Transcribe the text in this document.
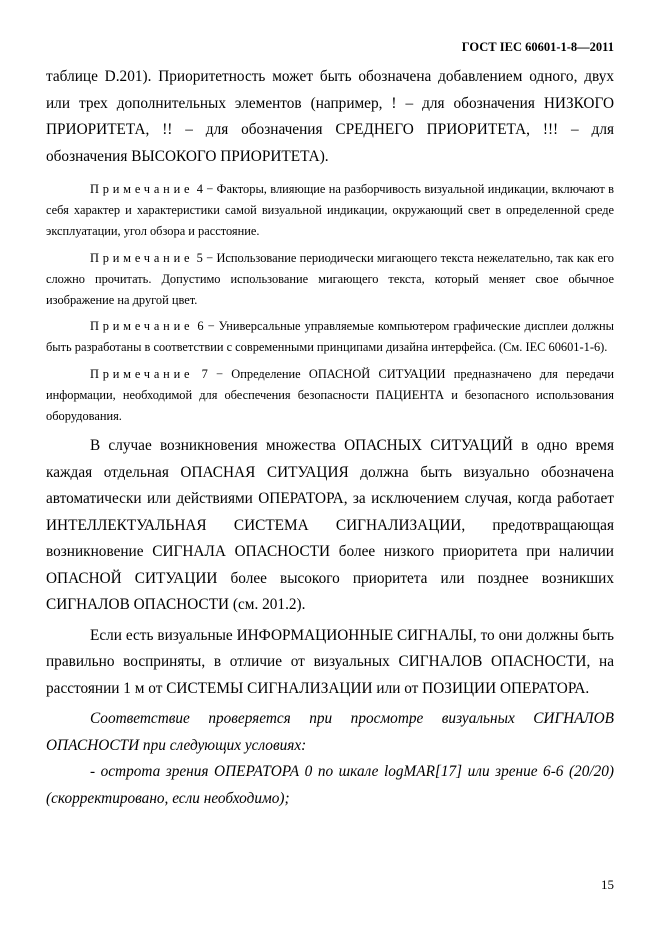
ГОСТ IEC 60601-1-8—2011

таблице D.201). Приоритетность может быть обозначена добавлением одного, двух или трех дополнительных элементов (например, ! – для обозначения НИЗКОГО ПРИОРИТЕТА, !! – для обозначения СРЕДНЕГО ПРИОРИТЕТА, !!! – для обозначения ВЫСОКОГО ПРИОРИТЕТА).

Примечание 4 − Факторы, влияющие на разборчивость визуальной индикации, включают в себя характер и характеристики самой визуальной индикации, окружающий свет в определенной среде эксплуатации, угол обзора и расстояние.

Примечание 5 − Использование периодически мигающего текста нежелательно, так как его сложно прочитать. Допустимо использование мигающего текста, который меняет свое обычное изображение на другой цвет.

Примечание 6 − Универсальные управляемые компьютером графические дисплеи должны быть разработаны в соответствии с современными принципами дизайна интерфейса. (См. IEC 60601-1-6).

Примечание 7 − Определение ОПАСНОЙ СИТУАЦИИ предназначено для передачи информации, необходимой для обеспечения безопасности ПАЦИЕНТА и безопасного использования оборудования.

В случае возникновения множества ОПАСНЫХ СИТУАЦИЙ в одно время каждая отдельная ОПАСНАЯ СИТУАЦИЯ должна быть визуально обозначена автоматически или действиями ОПЕРАТОРА, за исключением случая, когда работает ИНТЕЛЛЕКТУАЛЬНАЯ СИСТЕМА СИГНАЛИЗАЦИИ, предотвращающая возникновение СИГНАЛА ОПАСНОСТИ более низкого приоритета при наличии ОПАСНОЙ СИТУАЦИИ более высокого приоритета или позднее возникших СИГНАЛОВ ОПАСНОСТИ (см. 201.2).

Если есть визуальные ИНФОРМАЦИОННЫЕ СИГНАЛЫ, то они должны быть правильно восприняты, в отличие от визуальных СИГНАЛОВ ОПАСНОСТИ, на расстоянии 1 м от СИСТЕМЫ СИГНАЛИЗАЦИИ или от ПОЗИЦИИ ОПЕРАТОРА.

Соответствие проверяется при просмотре визуальных СИГНАЛОВ ОПАСНОСТИ при следующих условиях:

- острота зрения ОПЕРАТОРА 0 по шкале logMAR[17] или зрение 6-6 (20/20) (скорректировано, если необходимо);

15
